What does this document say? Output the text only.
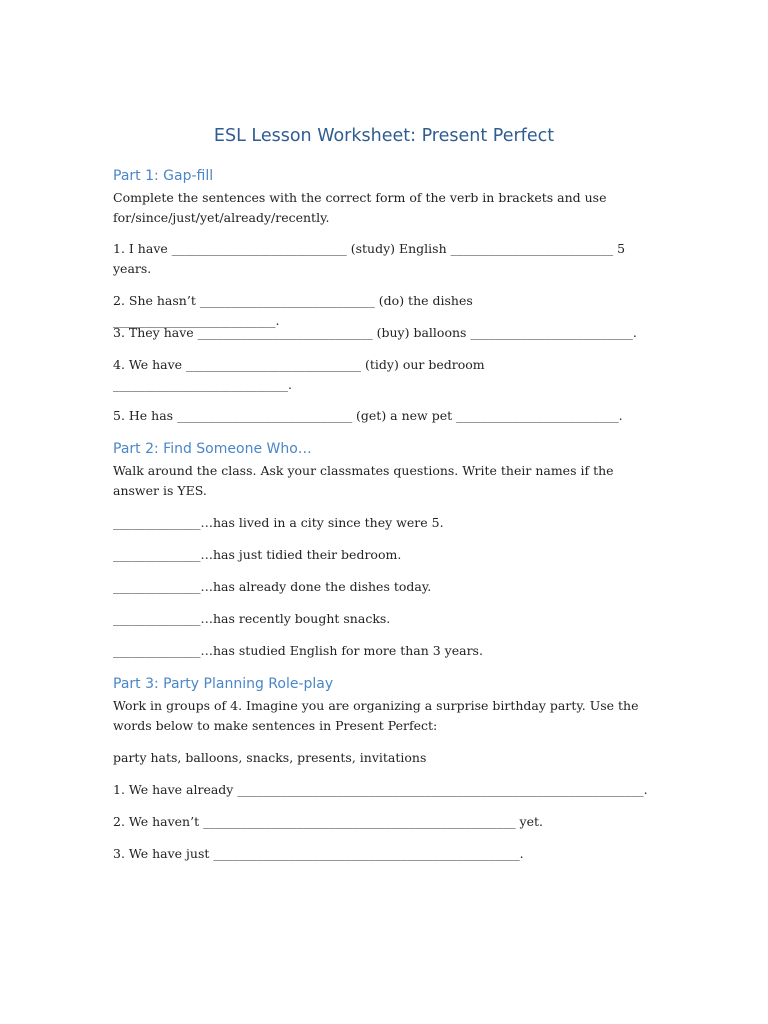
ESL Lesson Worksheet: Present Perfect
Part 1: Gap-fill

Complete the sentences with the correct form of the verb in brackets and use for/since/just/yet/already/recently.

1. I have ____________________________ (study) English __________________________ 5 years.

2. She hasn’t ____________________________ (do) the dishes __________________________.

3. They have ____________________________ (buy) balloons __________________________.

4. We have ____________________________ (tidy) our bedroom ____________________________.

5. He has ____________________________ (get) a new pet __________________________.

Part 2: Find Someone Who…

Walk around the class. Ask your classmates questions. Write their names if the answer is YES.

______________…has lived in a city since they were 5.

______________…has just tidied their bedroom.

______________…has already done the dishes today.

______________…has recently bought snacks.

______________…has studied English for more than 3 years.

Part 3: Party Planning Role-play

Work in groups of 4. Imagine you are organizing a surprise birthday party. Use the words below to make sentences in Present Perfect:

party hats, balloons, snacks, presents, invitations

1. We have already _________________________________________________________________.

2. We haven’t __________________________________________________ yet.

3. We have just _________________________________________________.
